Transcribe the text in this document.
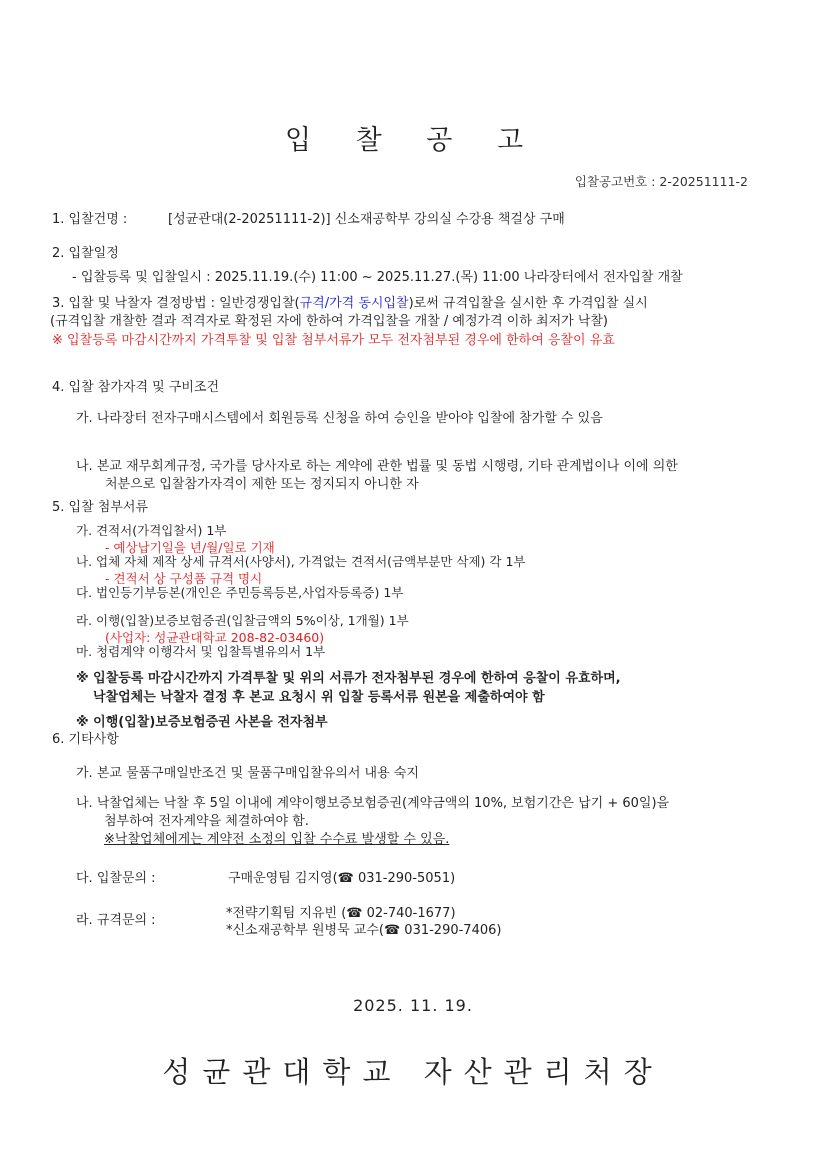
입 찰 공 고
입찰공고번호 : 2-20251111-2
1. 입찰건명 :	[성균관대(2-20251111-2)] 신소재공학부 강의실 수강용 책걸상 구매
2. 입찰일정
- 입찰등록 및 입찰일시 : 2025.11.19.(수) 11:00 ~ 2025.11.27.(목) 11:00 나라장터에서 전자입찰 개찰
3. 입찰 및 낙찰자 결정방법 : 일반경쟁입찰(규격/가격 동시입찰)로써 규격입찰을 실시한 후 가격입찰 실시
(규격입찰 개찰한 결과 적격자로 확정된 자에 한하여 가격입찰을 개찰 / 예정가격 이하 최저가 낙찰)
※ 입찰등록 마감시간까지 가격투찰 및 입찰 첨부서류가 모두 전자첨부된 경우에 한하여 응찰이 유효
4. 입찰 참가자격 및 구비조건
가. 나라장터 전자구매시스템에서 회원등록 신청을 하여 승인을 받아야 입찰에 참가할 수 있음
나. 본교 재무회계규정, 국가를 당사자로 하는 계약에 관한 법률 및 동법 시행령, 기타 관계법이나 이에 의한
처분으로 입찰참가자격이 제한 또는 정지되지 아니한 자
5. 입찰 첨부서류
가. 견적서(가격입찰서) 1부
- 예상납기일을 년/월/일로 기재
나. 업체 자체 제작 상세 규격서(사양서), 가격없는 견적서(금액부분만 삭제) 각 1부
- 견적서 상 구성품 규격 명시
다. 법인등기부등본(개인은 주민등록등본,사업자등록증) 1부
라. 이행(입찰)보증보험증권(입찰금액의 5%이상, 1개월) 1부
(사업자: 성균관대학교 208-82-03460)
마. 청렴계약 이행각서 및 입찰특별유의서 1부
※ 입찰등록 마감시간까지 가격투찰 및 위의 서류가 전자첨부된 경우에 한하여 응찰이 유효하며,
낙찰업체는 낙찰자 결정 후 본교 요청시 위 입찰 등록서류 원본을 제출하여야 함
※ 이행(입찰)보증보험증권 사본을 전자첨부
6. 기타사항
가. 본교 물품구매일반조건 및 물품구매입찰유의서 내용 숙지
나. 낙찰업체는 낙찰 후 5일 이내에 계약이행보증보험증권(계약금액의 10%, 보험기간은 납기 + 60일)을
첨부하여 전자계약을 체결하여야 함.
※낙찰업체에게는 계약전 소정의 입찰 수수료 발생할 수 있음.
다. 입찰문의 :	구매운영팀 김지영(☎ 031-290-5051)
라. 규격문의 :	*전략기획팀 지유빈 (☎ 02-740-1677)
*신소재공학부 원병묵 교수(☎ 031-290-7406)
2025. 11. 19.
성균관대학교 자산관리처장
